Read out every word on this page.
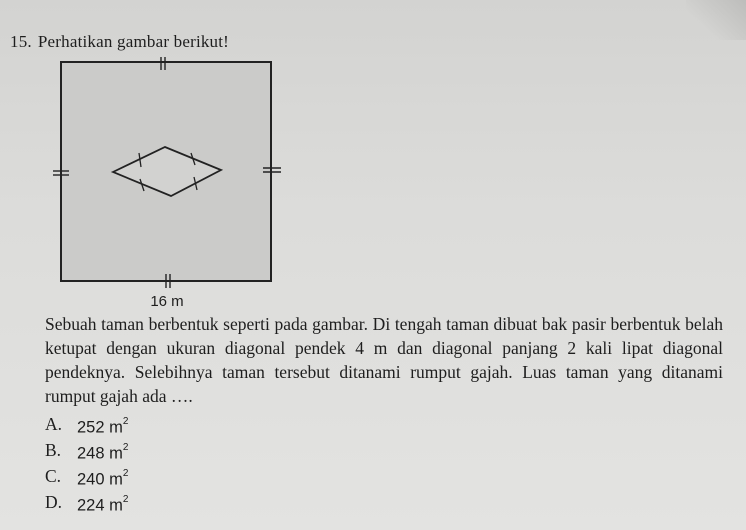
15. Perhatikan gambar berikut!
16 m
Sebuah taman berbentuk seperti pada gambar. Di tengah taman dibuat bak pasir berbentuk belah ketupat dengan ukuran diagonal pendek 4 m dan diagonal panjang 2 kali lipat diagonal pendeknya. Selebihnya taman tersebut ditanami rumput gajah. Luas taman yang ditanami rumput gajah ada ….
A. 252 $m^2$
B. 248 $m^2$
C. 240 $m^2$
D. 224 $m^2$
